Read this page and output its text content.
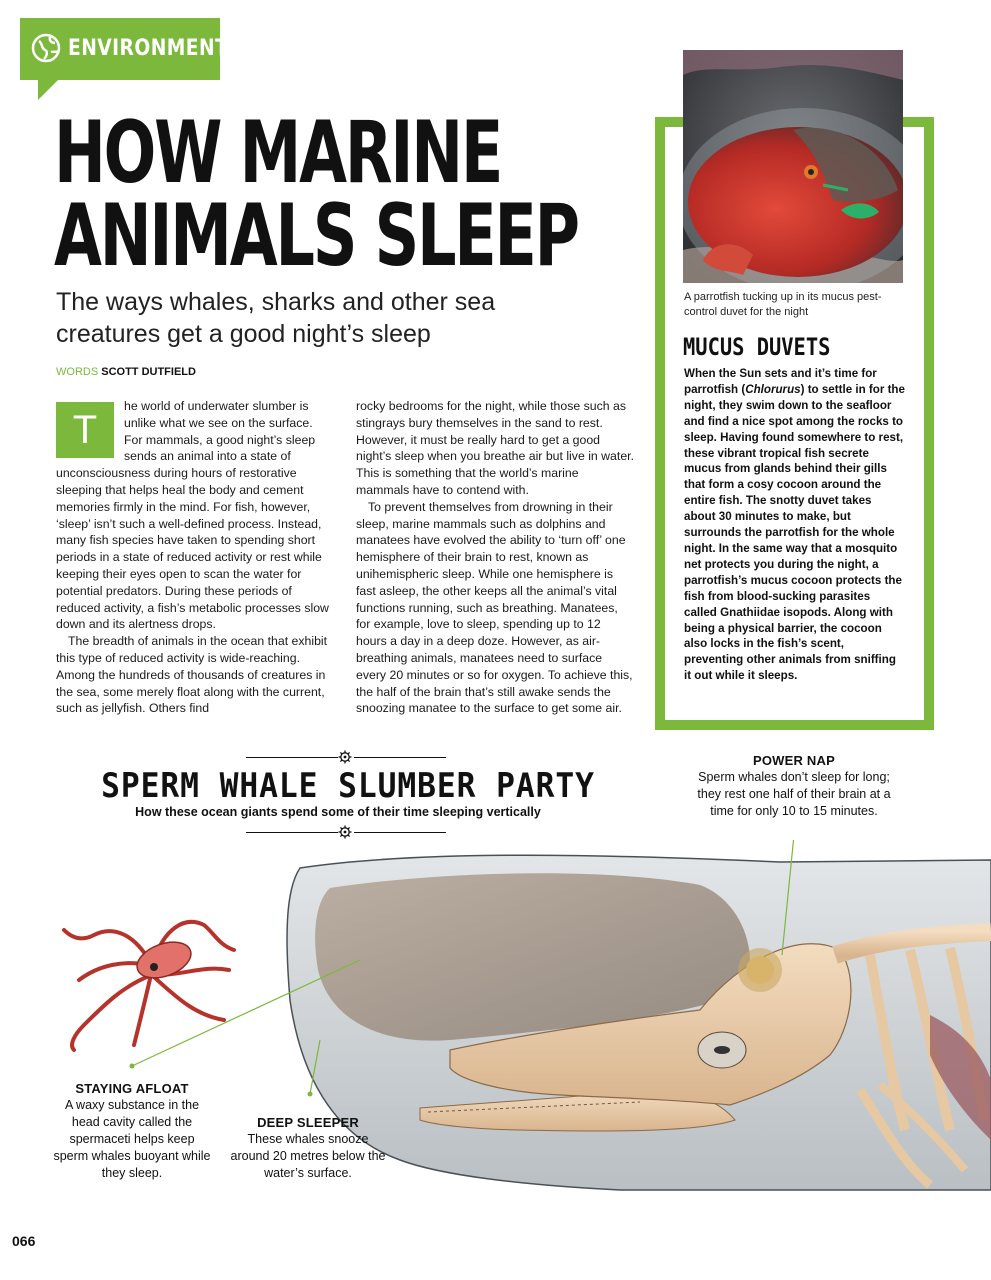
ENVIRONMENT
HOW MARINE
ANIMALS SLEEP

The ways whales, sharks and other sea creatures get a good night’s sleep

WORDS SCOTT DUTFIELD

T

he world of underwater slumber is unlike what we see on the surface. For mammals, a good night’s sleep sends an animal into a state of unconsciousness during hours of restorative sleeping that helps heal the body and cement memories firmly in the mind. For fish, however, ‘sleep’ isn’t such a well-defined process. Instead, many fish species have taken to spending short periods in a state of reduced activity or rest while keeping their eyes open to scan the water for potential predators. During these periods of reduced activity, a fish’s metabolic processes slow down and its alertness drops.

The breadth of animals in the ocean that exhibit this type of reduced activity is wide-reaching. Among the hundreds of thousands of creatures in the sea, some merely float along with the current, such as jellyfish. Others find

rocky bedrooms for the night, while those such as stingrays bury themselves in the sand to rest. However, it must be really hard to get a good night’s sleep when you breathe air but live in water. This is something that the world’s marine mammals have to contend with.

To prevent themselves from drowning in their sleep, marine mammals such as dolphins and manatees have evolved the ability to ‘turn off’ one hemisphere of their brain to rest, known as unihemispheric sleep. While one hemisphere is fast asleep, the other keeps all the animal’s vital functions running, such as breathing. Manatees, for example, love to sleep, spending up to 12 hours a day in a deep doze. However, as air-breathing animals, manatees need to surface every 20 minutes or so for oxygen. To achieve this, the half of the brain that’s still awake sends the snoozing manatee to the surface to get some air.

A parrotfish tucking up in its mucus pest-control duvet for the night

MUCUS DUVETS

When the Sun sets and it’s time for parrotfish (Chlorurus) to settle in for the night, they swim down to the seafloor and find a nice spot among the rocks to sleep. Having found somewhere to rest, these vibrant tropical fish secrete mucus from glands behind their gills that form a cosy cocoon around the entire fish. The snotty duvet takes about 30 minutes to make, but surrounds the parrotfish for the whole night. In the same way that a mosquito net protects you during the night, a parrotfish’s mucus cocoon protects the fish from blood-sucking parasites called Gnathiidae isopods. Along with being a physical barrier, the cocoon also locks in the fish’s scent, preventing other animals from sniffing it out while it sleeps.

SPERM WHALE SLUMBER PARTY

How these ocean giants spend some of their time sleeping vertically

POWER NAP

Sperm whales don’t sleep for long; they rest one half of their brain at a time for only 10 to 15 minutes.

STAYING AFLOAT

A waxy substance in the head cavity called the spermaceti helps keep sperm whales buoyant while they sleep.

DEEP SLEEPER

These whales snooze around 20 metres below the water’s surface.

066
